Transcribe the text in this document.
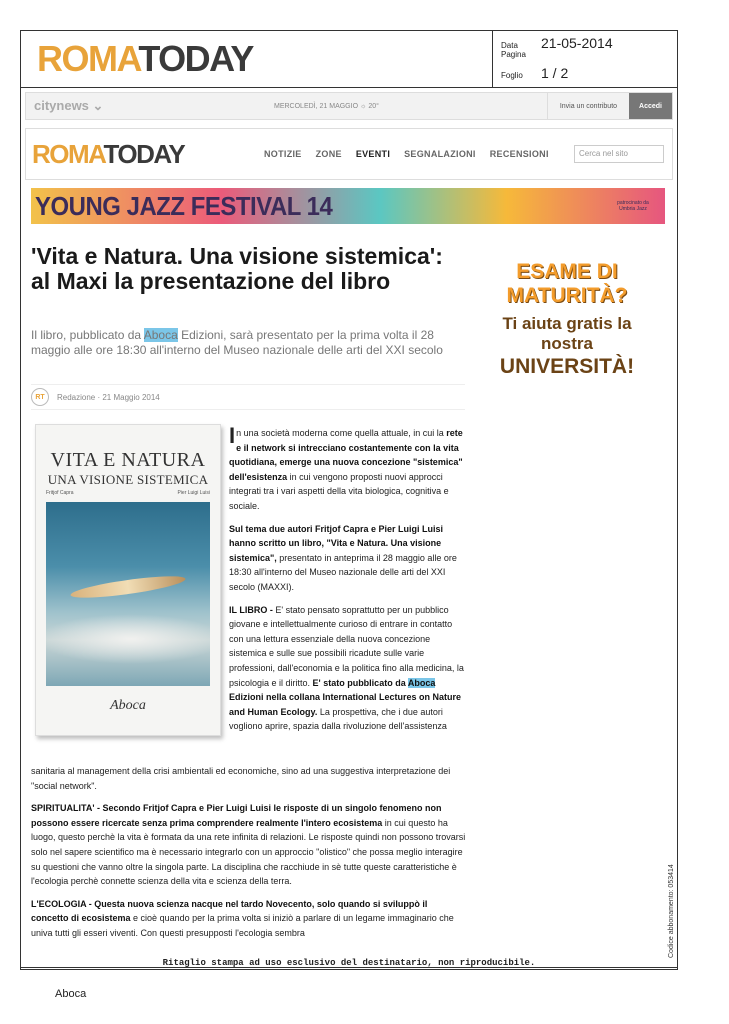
ROMATODAY	Data	21-05-2014
Pagina
Foglio	1 / 2
citynews ⌄	MERCOLEDÌ, 21 MAGGIO ☼ 20°	Invia un contributo	Accedi
ROMATODAY	NOTIZIE ZONE EVENTI SEGNALAZIONI RECENSIONI	Cerca nel sito
YOUNG JAZZ FESTIVAL 14	patrocinato da Umbria Jazz
'Vita e Natura. Una visione sistemica': al Maxi la presentazione del libro

Il libro, pubblicato da Aboca Edizioni, sarà presentato per la prima volta il 28 maggio alle ore 18:30 all'interno del Museo nazionale delle arti del XXI secolo

RT	Redazione · 21 Maggio 2014
ESAME DI MATURITÀ?
Ti aiuta gratis la nostra
UNIVERSITÀ!
VITA E NATURA
UNA VISIONE SISTEMICA
Fritjof Capra	Pier Luigi Luisi
Aboca

In una società moderna come quella attuale, in cui la rete e il network si intrecciano costantemente con la vita quotidiana, emerge una nuova concezione "sistemica" dell'esistenza in cui vengono proposti nuovi approcci integrati tra i vari aspetti della vita biologica, cognitiva e sociale.

Sul tema due autori Fritjof Capra e Pier Luigi Luisi hanno scritto un libro, "Vita e Natura. Una visione sistemica", presentato in anteprima il 28 maggio alle ore 18:30 all'interno del Museo nazionale delle arti del XXI secolo (MAXXI).

IL LIBRO - E' stato pensato soprattutto per un pubblico giovane e intellettualmente curioso di entrare in contatto con una lettura essenziale della nuova concezione sistemica e sulle sue possibili ricadute sulle varie professioni, dall'economia e la politica fino alla medicina, la psicologia e il diritto. E' stato pubblicato da Aboca Edizioni nella collana International Lectures on Nature and Human Ecology. La prospettiva, che i due autori vogliono aprire, spazia dalla rivoluzione dell'assistenza

sanitaria al management della crisi ambientali ed economiche, sino ad una suggestiva interpretazione dei "social network".

SPIRITUALITA' - Secondo Fritjof Capra e Pier Luigi Luisi le risposte di un singolo fenomeno non possono essere ricercate senza prima comprendere realmente l'intero ecosistema in cui questo ha luogo, questo perchè la vita è formata da una rete infinita di relazioni. Le risposte quindi non possono trovarsi solo nel sapere scientifico ma è necessario integrarlo con un approccio "olistico" che possa meglio interagire su questioni che vanno oltre la singola parte. La disciplina che racchiude in sè tutte queste caratteristiche è l'ecologia perchè connette scienza della vita e scienza della terra.

L'ECOLOGIA - Questa nuova scienza nacque nel tardo Novecento, solo quando si sviluppò il concetto di ecosistema e cioè quando per la prima volta si iniziò a parlare di un legame immaginario che univa tutti gli esseri viventi. Con questi presupposti l'ecologia sembra

Ritaglio stampa ad uso esclusivo del destinatario, non riproducibile.
Codice abbonamento: 053414
Aboca
